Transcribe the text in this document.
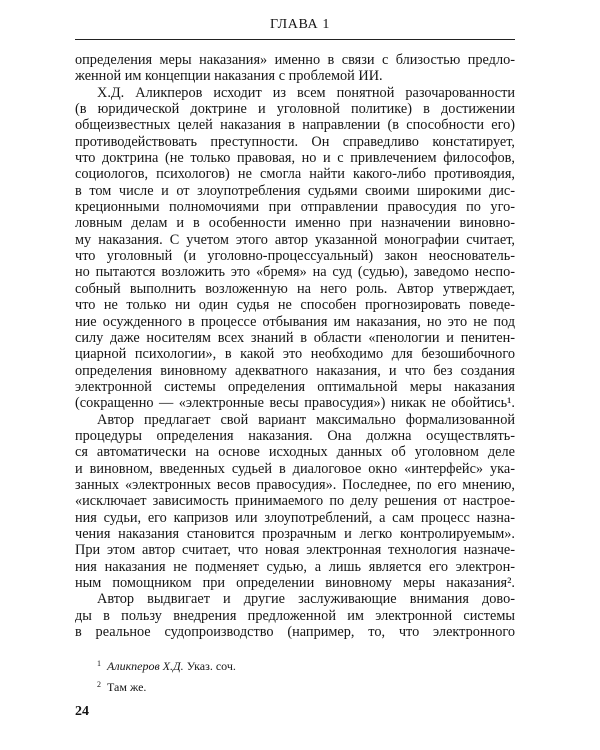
ГЛАВА 1
определения меры наказания» именно в связи с близостью предло-
женной им концепции наказания с проблемой ИИ.
Х.Д. Аликперов исходит из всем понятной разочарованности
(в юридической доктрине и уголовной политике) в достижении
общеизвестных целей наказания в направлении (в способности его)
противодействовать преступности. Он справедливо констатирует,
что доктрина (не только правовая, но и с привлечением философов,
социологов, психологов) не смогла найти какого-либо противоядия,
в том числе и от злоупотребления судьями своими широкими дис-
креционными полномочиями при отправлении правосудия по уго-
ловным делам и в особенности именно при назначении виновно-
му наказания. С учетом этого автор указанной монографии считает,
что уголовный (и уголовно-процессуальный) закон неоснователь-
но пытаются возложить это «бремя» на суд (судью), заведомо неспо-
собный выполнить возложенную на него роль. Автор утверждает,
что не только ни один судья не способен прогнозировать поведе-
ние осужденного в процессе отбывания им наказания, но это не под
силу даже носителям всех знаний в области «пенологии и пенитен-
циарной психологии», в какой это необходимо для безошибочного
определения виновному адекватного наказания, и что без создания
электронной системы определения оптимальной меры наказания
(сокращенно — «электронные весы правосудия») никак не обойтись¹.
Автор предлагает свой вариант максимально формализованной
процедуры определения наказания. Она должна осуществлять-
ся автоматически на основе исходных данных об уголовном деле
и виновном, введенных судьей в диалоговое окно «интерфейс» ука-
занных «электронных весов правосудия». Последнее, по его мнению,
«исключает зависимость принимаемого по делу решения от настрое-
ния судьи, его капризов или злоупотреблений, а сам процесс назна-
чения наказания становится прозрачным и легко контролируемым».
При этом автор считает, что новая электронная технология назначе-
ния наказания не подменяет судью, а лишь является его электрон-
ным помощником при определении виновному меры наказания².
Автор выдвигает и другие заслуживающие внимания дово-
ды в пользу внедрения предложенной им электронной системы
в реальное судопроизводство (например, то, что электронного
$^1$ Аликперов Х.Д. Указ. соч.
$^2$ Там же.
24
